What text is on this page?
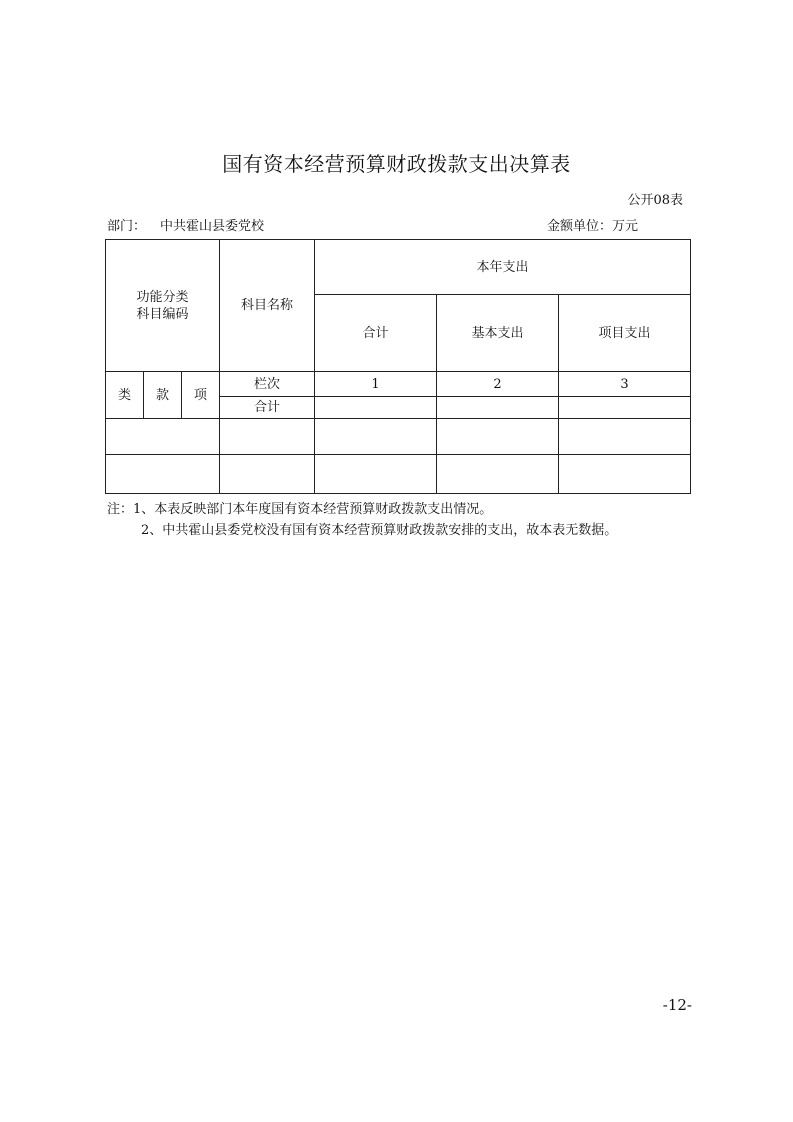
国有资本经营预算财政拨款支出决算表
公开08表
部门： 中共霍山县委党校	金额单位：万元
功能分类
科目编码			科目名称	本年支出		
				合计	基本支出	项目支出
类	款	项	栏次	1	2	3
			合计			

注：1、本表反映部门本年度国有资本经营预算财政拨款支出情况。
2、中共霍山县委党校没有国有资本经营预算财政拨款安排的支出，故本表无数据。
-12-
